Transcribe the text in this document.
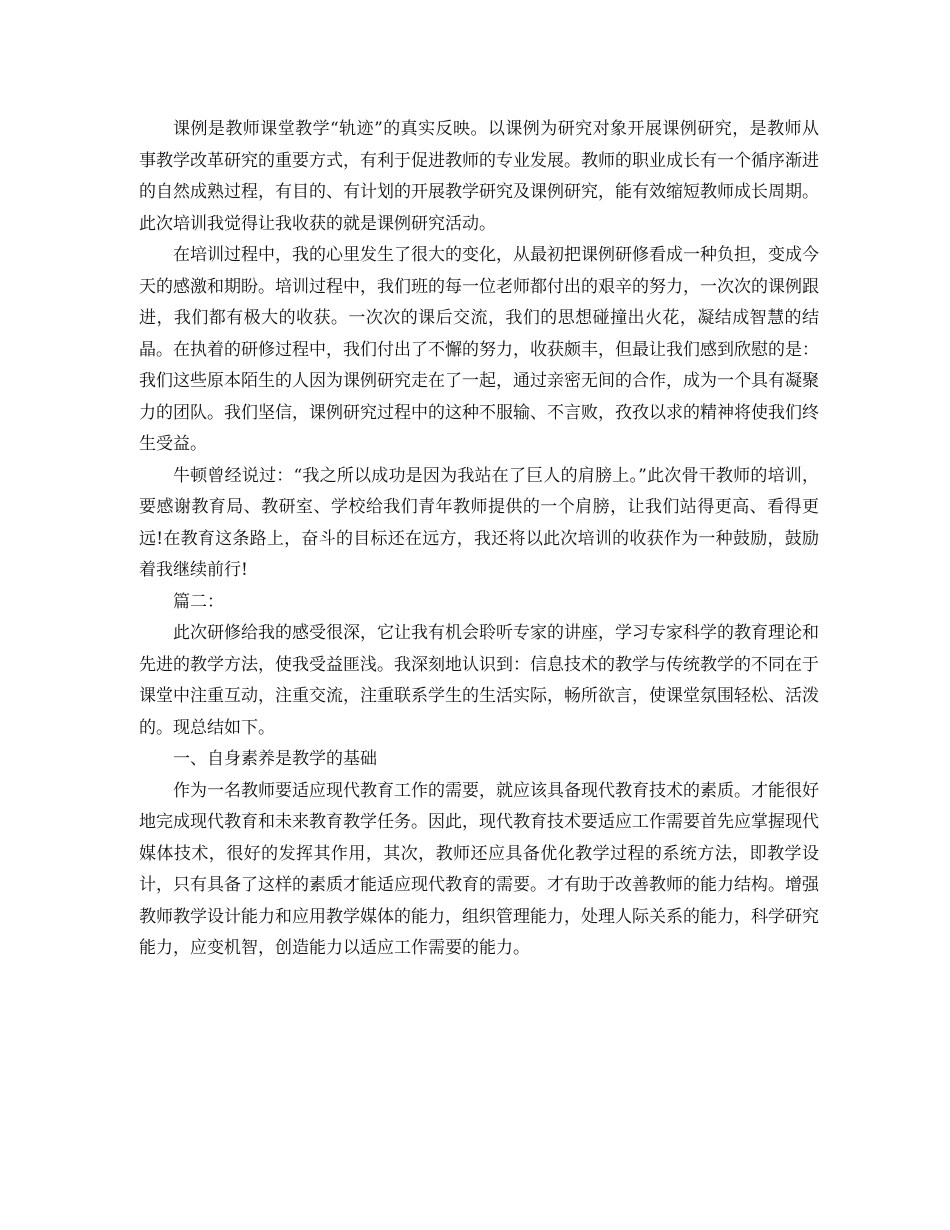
课例是教师课堂教学“轨迹”的真实反映。以课例为研究对象开展课例研究，是教师从事教学改革研究的重要方式，有利于促进教师的专业发展。教师的职业成长有一个循序渐进的自然成熟过程，有目的、有计划的开展教学研究及课例研究，能有效缩短教师成长周期。此次培训我觉得让我收获的就是课例研究活动。

在培训过程中，我的心里发生了很大的变化，从最初把课例研修看成一种负担，变成今天的感激和期盼。培训过程中，我们班的每一位老师都付出的艰辛的努力，一次次的课例跟进，我们都有极大的收获。一次次的课后交流，我们的思想碰撞出火花，凝结成智慧的结晶。在执着的研修过程中，我们付出了不懈的努力，收获颇丰，但最让我们感到欣慰的是：我们这些原本陌生的人因为课例研究走在了一起，通过亲密无间的合作，成为一个具有凝聚力的团队。我们坚信，课例研究过程中的这种不服输、不言败，孜孜以求的精神将使我们终生受益。

牛顿曾经说过：“我之所以成功是因为我站在了巨人的肩膀上。”此次骨干教师的培训，要感谢教育局、教研室、学校给我们青年教师提供的一个肩膀，让我们站得更高、看得更远!在教育这条路上，奋斗的目标还在远方，我还将以此次培训的收获作为一种鼓励，鼓励着我继续前行!

篇二：

此次研修给我的感受很深，它让我有机会聆听专家的讲座，学习专家科学的教育理论和先进的教学方法，使我受益匪浅。我深刻地认识到：信息技术的教学与传统教学的不同在于课堂中注重互动，注重交流，注重联系学生的生活实际，畅所欲言，使课堂氛围轻松、活泼的。现总结如下。

一、自身素养是教学的基础

作为一名教师要适应现代教育工作的需要，就应该具备现代教育技术的素质。才能很好地完成现代教育和未来教育教学任务。因此，现代教育技术要适应工作需要首先应掌握现代媒体技术，很好的发挥其作用，其次，教师还应具备优化教学过程的系统方法，即教学设计，只有具备了这样的素质才能适应现代教育的需要。才有助于改善教师的能力结构。增强教师教学设计能力和应用教学媒体的能力，组织管理能力，处理人际关系的能力，科学研究能力，应变机智，创造能力以适应工作需要的能力。
